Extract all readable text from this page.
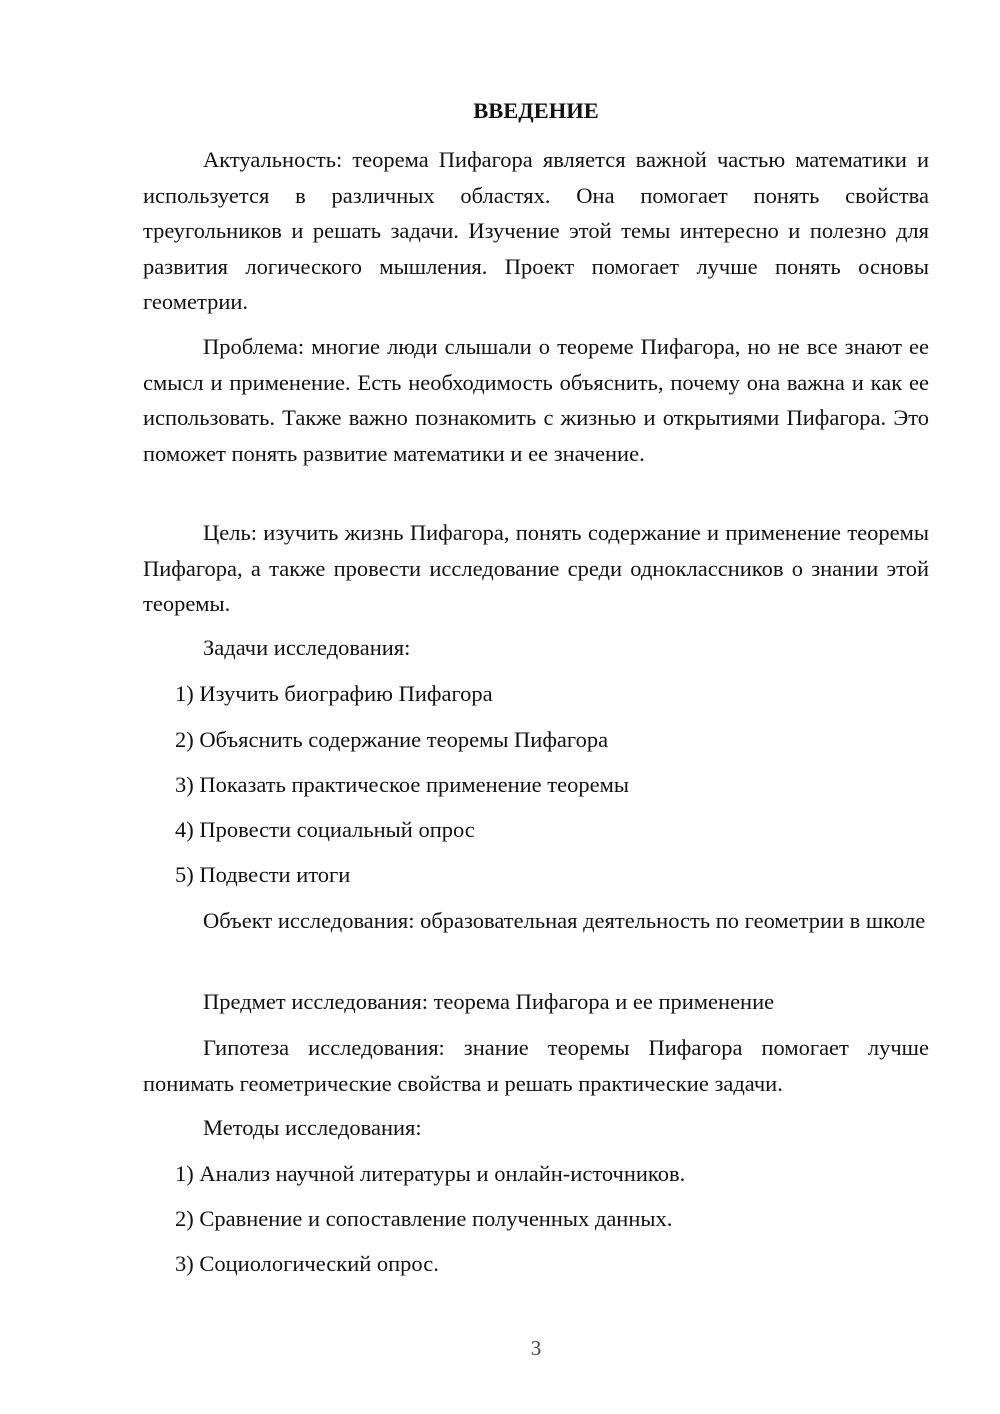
ВВЕДЕНИЕ
Актуальность: теорема Пифагора является важной частью математики и используется в различных областях. Она помогает понять свойства треугольников и решать задачи. Изучение этой темы интересно и полезно для развития логического мышления. Проект помогает лучше понять основы геометрии.
Проблема: многие люди слышали о теореме Пифагора, но не все знают ее смысл и применение. Есть необходимость объяснить, почему она важна и как ее использовать. Также важно познакомить с жизнью и открытиями Пифагора. Это поможет понять развитие математики и ее значение.
Цель: изучить жизнь Пифагора, понять содержание и применение теоремы Пифагора, а также провести исследование среди одноклассников о знании этой теоремы.
Задачи исследования:
1) Изучить биографию Пифагора
2) Объяснить содержание теоремы Пифагора
3) Показать практическое применение теоремы
4) Провести социальный опрос
5) Подвести итоги
Объект исследования: образовательная деятельность по геометрии в школе
Предмет исследования: теорема Пифагора и ее применение
Гипотеза исследования: знание теоремы Пифагора помогает лучше понимать геометрические свойства и решать практические задачи.
Методы исследования:
1) Анализ научной литературы и онлайн-источников.
2) Сравнение и сопоставление полученных данных.
3) Социологический опрос.
3
